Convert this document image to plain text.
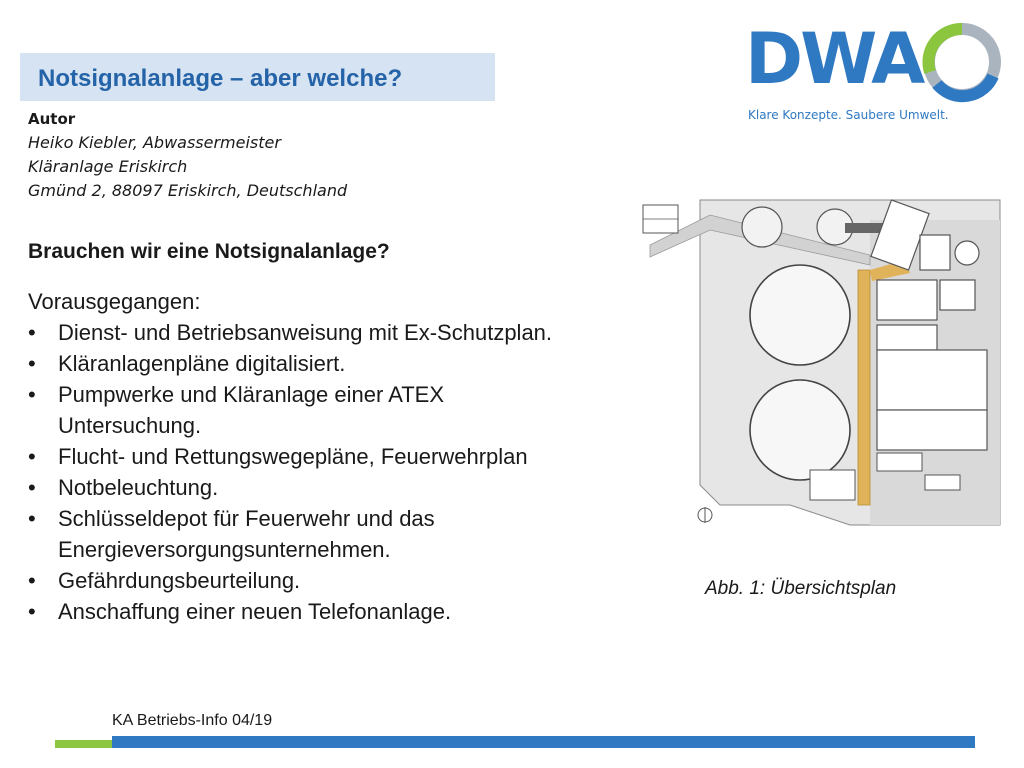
Notsignalanlage – aber welche?	DWA
Klare Konzepte. Saubere Umwelt.
Autor
Heiko Kiebler, Abwassermeister
Kläranlage Eriskirch
Gmünd 2, 88097 Eriskirch, Deutschland
Brauchen wir eine Notsignalanlage?
Vorausgegangen:
• Dienst- und Betriebsanweisung mit Ex-Schutzplan.
• Kläranlagenpläne digitalisiert.
• Pumpwerke und Kläranlage einer ATEX Untersuchung.
• Flucht- und Rettungswegepläne, Feuerwehrplan
• Notbeleuchtung.
• Schlüsseldepot für Feuerwehr und das Energieversorgungsunternehmen.
• Gefährdungsbeurteilung.
• Anschaffung einer neuen Telefonanlage.
Abb. 1: Übersichtsplan
KA Betriebs-Info 04/19
